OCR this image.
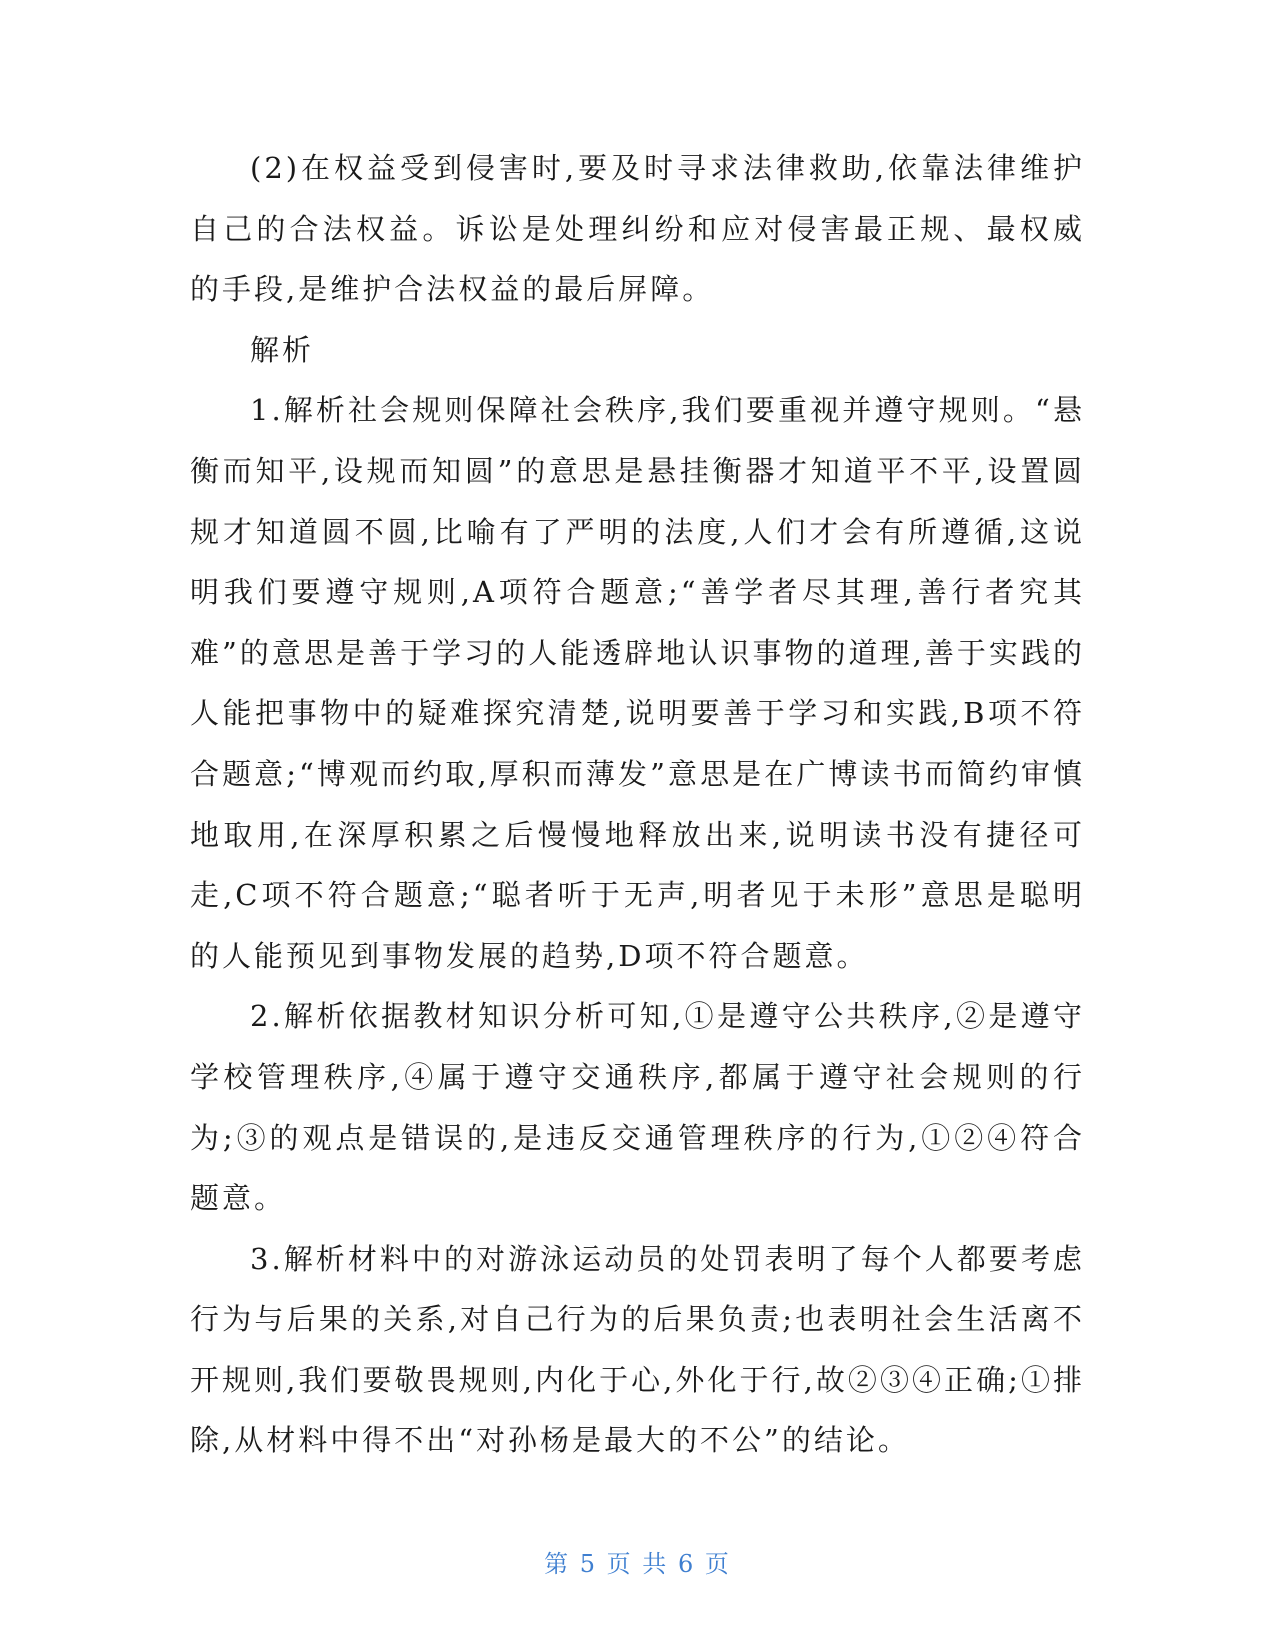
(2)在权益受到侵害时,要及时寻求法律救助,依靠法律维护自己的合法权益。诉讼是处理纠纷和应对侵害最正规、最权威的手段,是维护合法权益的最后屏障。

解析

1.解析社会规则保障社会秩序,我们要重视并遵守规则。“悬衡而知平,设规而知圆”的意思是悬挂衡器才知道平不平,设置圆规才知道圆不圆,比喻有了严明的法度,人们才会有所遵循,这说明我们要遵守规则,A项符合题意;“善学者尽其理,善行者究其难”的意思是善于学习的人能透辟地认识事物的道理,善于实践的人能把事物中的疑难探究清楚,说明要善于学习和实践,B项不符合题意;“博观而约取,厚积而薄发”意思是在广博读书而简约审慎地取用,在深厚积累之后慢慢地释放出来,说明读书没有捷径可走,C项不符合题意;“聪者听于无声,明者见于未形”意思是聪明的人能预见到事物发展的趋势,D项不符合题意。

2.解析依据教材知识分析可知,①是遵守公共秩序,②是遵守学校管理秩序,④属于遵守交通秩序,都属于遵守社会规则的行为;③的观点是错误的,是违反交通管理秩序的行为,①②④符合题意。

3.解析材料中的对游泳运动员的处罚表明了每个人都要考虑行为与后果的关系,对自己行为的后果负责;也表明社会生活离不开规则,我们要敬畏规则,内化于心,外化于行,故②③④正确;①排除,从材料中得不出“对孙杨是最大的不公”的结论。

第 5 页 共 6 页
